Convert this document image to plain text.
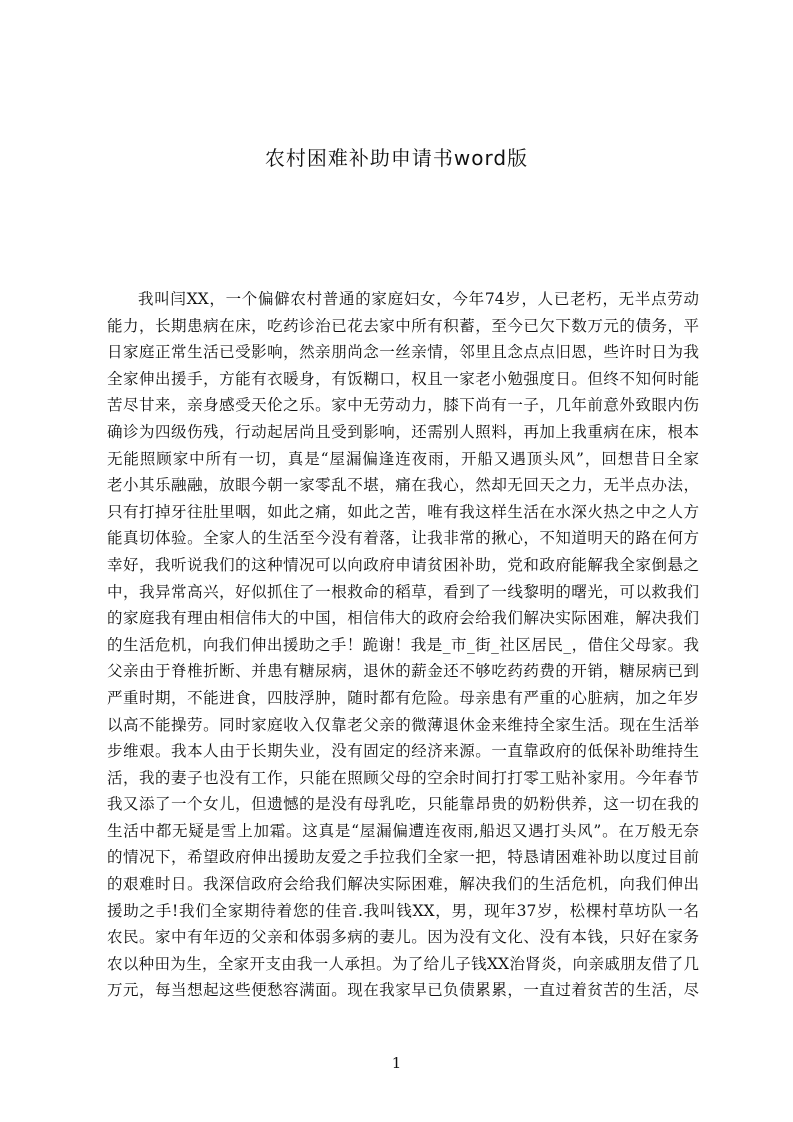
农村困难补助申请书word版
我叫闫XX，一个偏僻农村普通的家庭妇女，今年74岁，人已老朽，无半点劳动
能力，长期患病在床，吃药诊治已花去家中所有积蓄，至今已欠下数万元的债务，平
日家庭正常生活已受影响，然亲朋尚念一丝亲情，邻里且念点点旧恩，些许时日为我
全家伸出援手，方能有衣暖身，有饭糊口，权且一家老小勉强度日。但终不知何时能
苦尽甘来，亲身感受天伦之乐。家中无劳动力，膝下尚有一子，几年前意外致眼内伤
确诊为四级伤残，行动起居尚且受到影响，还需别人照料，再加上我重病在床，根本
无能照顾家中所有一切，真是“屋漏偏逢连夜雨，开船又遇顶头风”，回想昔日全家
老小其乐融融，放眼今朝一家零乱不堪，痛在我心，然却无回天之力，无半点办法，
只有打掉牙往肚里咽，如此之痛，如此之苦，唯有我这样生活在水深火热之中之人方
能真切体验。全家人的生活至今没有着落，让我非常的揪心，不知道明天的路在何方
幸好，我听说我们的这种情况可以向政府申请贫困补助，党和政府能解我全家倒悬之
中，我异常高兴，好似抓住了一根救命的稻草，看到了一线黎明的曙光，可以救我们
的家庭我有理由相信伟大的中国，相信伟大的政府会给我们解决实际困难，解决我们
的生活危机，向我们伸出援助之手！跪谢！我是_市_街_社区居民_，借住父母家。我
父亲由于脊椎折断、并患有糖尿病，退休的薪金还不够吃药药费的开销，糖尿病已到
严重时期，不能进食，四肢浮肿，随时都有危险。母亲患有严重的心脏病，加之年岁
以高不能操劳。同时家庭收入仅靠老父亲的微薄退休金来维持全家生活。现在生活举
步维艰。我本人由于长期失业，没有固定的经济来源。一直靠政府的低保补助维持生
活，我的妻子也没有工作，只能在照顾父母的空余时间打打零工贴补家用。今年春节
我又添了一个女儿，但遗憾的是没有母乳吃，只能靠昂贵的奶粉供养，这一切在我的
生活中都无疑是雪上加霜。这真是“屋漏偏遭连夜雨,船迟又遇打头风”。在万般无奈
的情况下，希望政府伸出援助友爱之手拉我们全家一把，特恳请困难补助以度过目前
的艰难时日。我深信政府会给我们解决实际困难，解决我们的生活危机，向我们伸出
援助之手!我们全家期待着您的佳音.我叫钱XX，男，现年37岁，松棵村草坊队一名
农民。家中有年迈的父亲和体弱多病的妻儿。因为没有文化、没有本钱，只好在家务
农以种田为生，全家开支由我一人承担。为了给儿子钱XX治肾炎，向亲戚朋友借了几
万元，每当想起这些便愁容满面。现在我家早已负债累累，一直过着贫苦的生活，尽
1
